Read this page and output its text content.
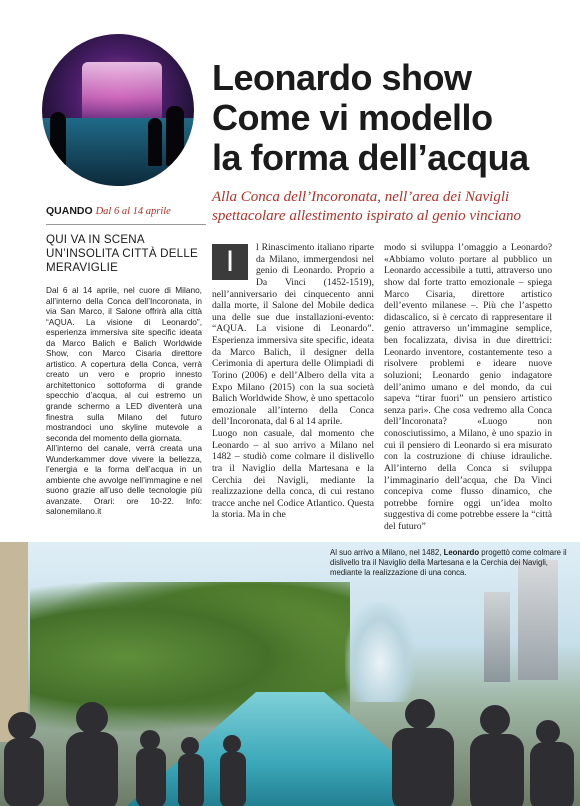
Leonardo show
Come vi modello
la forma dell’acqua
Alla Conca dell’Incoronata, nell’area dei Navigli spettacolare allestimento ispirato al genio vinciano
QUANDO Dal 6 al 14 aprile
QUI VA IN SCENA UN’INSOLITA CITTÀ DELLE MERAVIGLIE

Dal 6 al 14 aprile, nel cuore di Milano, all’interno della Conca dell’Incoronata, in via San Marco, il Salone offrirà alla città “AQUA. La visione di Leonardo”, esperienza immersiva site specific ideata da Marco Balich e Balich Worldwide Show, con Marco Cisaria direttore artistico. A copertura della Conca, verrà creato un vero e proprio innesto architettonico sottoforma di grande specchio d’acqua, al cui estremo un grande schermo a LED diventerà una finestra sulla Milano del futuro mostrandoci uno skyline mutevole a seconda del momento della giornata.

All’interno del canale, verrà creata una Wunderkammer dove vivere la bellezza, l’energia e la forma dell’acqua in un ambiente che avvolge nell’immagine e nel suono grazie all’uso delle tecnologie più avanzate. Orari: ore 10-22. Info: salonemilano.it

I	l Rinascimento italiano riparte da Milano, immergendosi nel genio di Leonardo. Proprio a Da Vinci (1452-1519), nell’anniversario dei cinquecento anni dalla morte, il Salone del Mobile dedica una delle sue due installazioni-evento: “AQUA. La visione di Leonardo”. Esperienza immersiva site specific, ideata da Marco Balich, il designer della Cerimonia di apertura delle Olimpiadi di Torino (2006) e dell’Albero della vita a Expo Milano (2015) con la sua società Balich Worldwide Show, è uno spettacolo emozionale all’interno della Conca dell’Incoronata, dal 6 al 14 aprile.

Luogo non casuale, dal momento che Leonardo – al suo arrivo a Milano nel 1482 – studiò come colmare il dislivello tra il Naviglio della Martesana e la Cerchia dei Navigli, mediante la realizzazione della conca, di cui restano tracce anche nel Codice Atlantico. Questa la storia. Ma in che

modo si sviluppa l’omaggio a Leonardo? «Abbiamo voluto portare al pubblico un Leonardo accessibile a tutti, attraverso uno show dal forte tratto emozionale – spiega Marco Cisaria, direttore artistico dell’evento milanese –. Più che l’aspetto didascalico, si è cercato di rappresentare il genio attraverso un’immagine semplice, ben focalizzata, divisa in due direttrici: Leonardo inventore, costantemente teso a risolvere problemi e ideare nuove soluzioni; Leonardo genio indagatore dell’animo umano e del mondo, da cui sapeva “tirar fuori” un pensiero artistico senza pari». Che cosa vedremo alla Conca dell’Incoronata? «Luogo non conosciutissimo, a Milano, è uno spazio in cui il pensiero di Leonardo si era misurato con la costruzione di chiuse idrauliche. All’interno della Conca si sviluppa l’immaginario dell’acqua, che Da Vinci concepiva come flusso dinamico, che potrebbe fornire oggi un’idea molto suggestiva di come potrebbe essere la “città del futuro”

Al suo arrivo a Milano, nel 1482, Leonardo progettò come colmare il dislivello tra il Naviglio della Martesana e la Cerchia dei Navigli, mediante la realizzazione di una conca.
